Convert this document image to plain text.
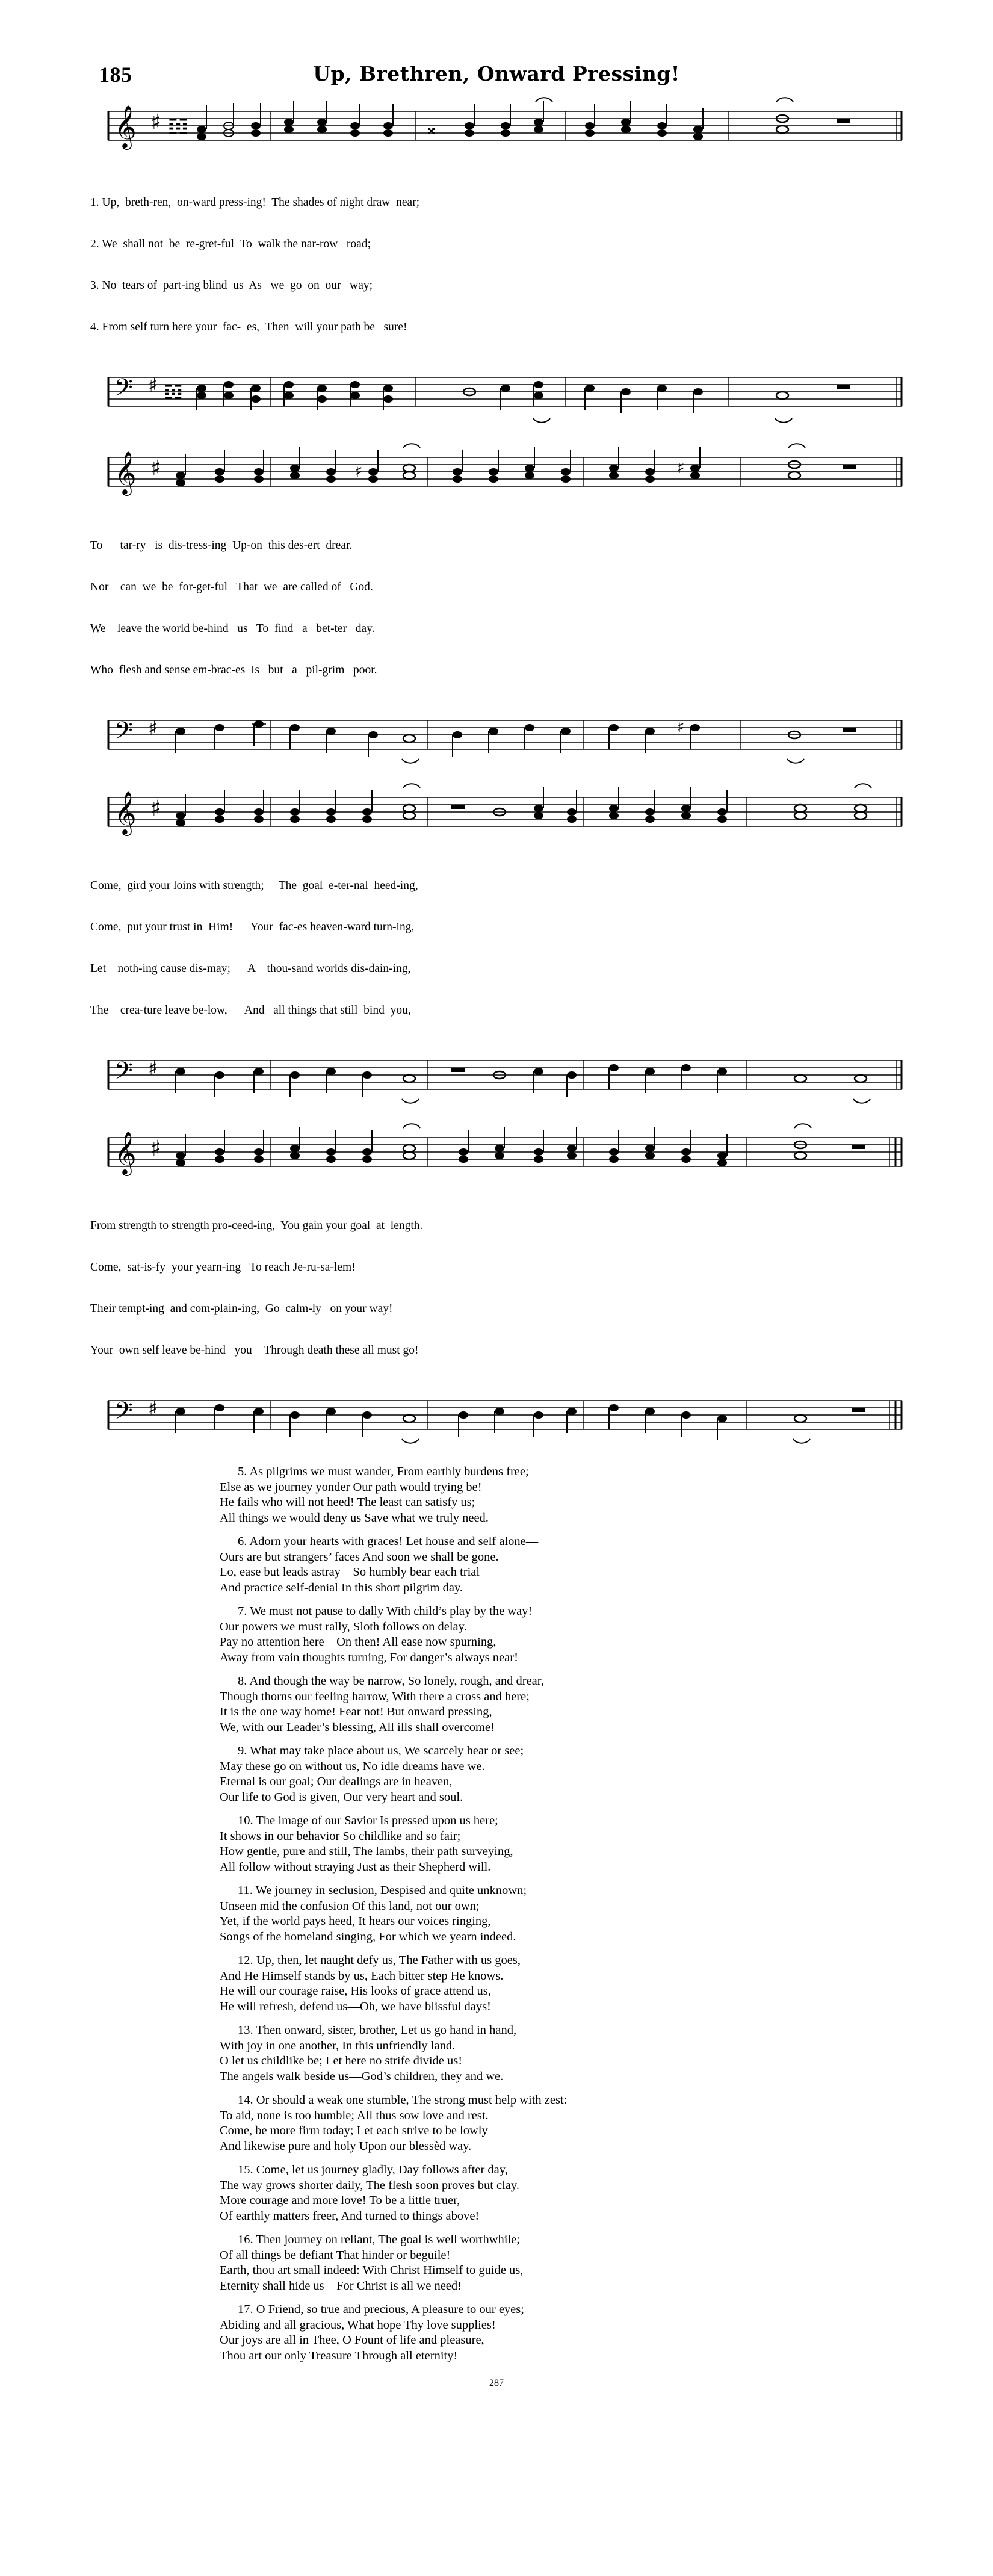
185	Up, Brethren, Onward Pressing!
𝄞 ♯ 𝌺	𝄪

1. Up,  breth-ren,  on-ward press-ing!  The shades of night draw  near;

2. We  shall not  be  re-gret-ful  To  walk the nar-row   road;

3. No  tears of  part-ing blind  us  As   we  go  on  our   way;

4. From self turn here your  fac-  es,  Then  will your path be   sure!

𝄢 ♯ 𝌺
𝄞 ♯	♯	♯

To      tar-ry   is  dis-tress-ing  Up-on  this des-ert  drear.

Nor    can  we  be  for-get-ful   That  we  are called of   God.

We    leave the world be-hind   us   To  find   a   bet-ter   day.

Who  flesh and sense em-brac-es  Is   but   a   pil-grim   poor.

𝄢 ♯	♯
𝄞 ♯

Come,  gird your loins with strength;     The  goal  e-ter-nal  heed-ing,

Come,  put your trust in  Him!      Your  fac-es heaven-ward turn-ing,

Let    noth-ing cause dis-may;      A    thou-sand worlds dis-dain-ing,

The    crea-ture leave be-low,      And   all things that still  bind  you,

𝄢 ♯
𝄞 ♯

From strength to strength pro-ceed-ing,  You gain your goal  at  length.

Come,  sat-is-fy  your yearn-ing   To reach Je-ru-sa-lem!

Their tempt-ing  and com-plain-ing,  Go  calm-ly   on your way!

Your  own self leave be-hind   you—Through death these all must go!

𝄢 ♯
5. As pilgrims we must wander, From earthly burdens free;
Else as we journey yonder Our path would trying be!
He fails who will not heed! The least can satisfy us;
All things we would deny us Save what we truly need.
6. Adorn your hearts with graces! Let house and self alone—
Ours are but strangers’ faces And soon we shall be gone.
Lo, ease but leads astray—So humbly bear each trial
And practice self-denial In this short pilgrim day.
7. We must not pause to dally With child’s play by the way!
Our powers we must rally, Sloth follows on delay.
Pay no attention here—On then! All ease now spurning,
Away from vain thoughts turning, For danger’s always near!
8. And though the way be narrow, So lonely, rough, and drear,
Though thorns our feeling harrow, With there a cross and here;
It is the one way home! Fear not! But onward pressing,
We, with our Leader’s blessing, All ills shall overcome!
9. What may take place about us, We scarcely hear or see;
May these go on without us, No idle dreams have we.
Eternal is our goal; Our dealings are in heaven,
Our life to God is given, Our very heart and soul.
10. The image of our Savior Is pressed upon us here;
It shows in our behavior So childlike and so fair;
How gentle, pure and still, The lambs, their path surveying,
All follow without straying Just as their Shepherd will.
11. We journey in seclusion, Despised and quite unknown;
Unseen mid the confusion Of this land, not our own;
Yet, if the world pays heed, It hears our voices ringing,
Songs of the homeland singing, For which we yearn indeed.
12. Up, then, let naught defy us, The Father with us goes,
And He Himself stands by us, Each bitter step He knows.
He will our courage raise, His looks of grace attend us,
He will refresh, defend us—Oh, we have blissful days!
13. Then onward, sister, brother, Let us go hand in hand,
With joy in one another, In this unfriendly land.
O let us childlike be; Let here no strife divide us!
The angels walk beside us—God’s children, they and we.
14. Or should a weak one stumble, The strong must help with zest:
To aid, none is too humble; All thus sow love and rest.
Come, be more firm today; Let each strive to be lowly
And likewise pure and holy Upon our blessèd way.
15. Come, let us journey gladly, Day follows after day,
The way grows shorter daily, The flesh soon proves but clay.
More courage and more love! To be a little truer,
Of earthly matters freer, And turned to things above!
16. Then journey on reliant, The goal is well worthwhile;
Of all things be defiant That hinder or beguile!
Earth, thou art small indeed: With Christ Himself to guide us,
Eternity shall hide us—For Christ is all we need!
17. O Friend, so true and precious, A pleasure to our eyes;
Abiding and all gracious, What hope Thy love supplies!
Our joys are all in Thee, O Fount of life and pleasure,
Thou art our only Treasure Through all eternity!
287
